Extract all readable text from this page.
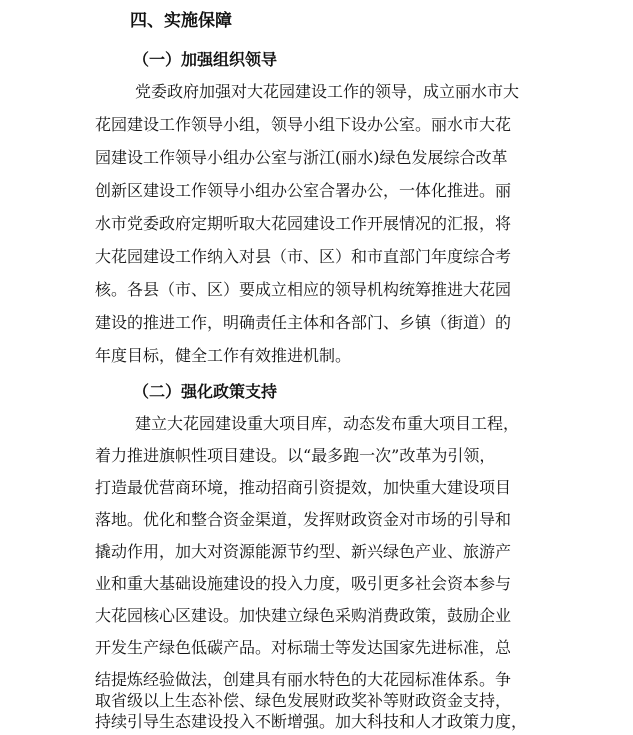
四、实施保障
（一）加强组织领导
党委政府加强对大花园建设工作的领导，成立丽水市大
花园建设工作领导小组，领导小组下设办公室。丽水市大花
园建设工作领导小组办公室与浙江(丽水)绿色发展综合改革
创新区建设工作领导小组办公室合署办公，一体化推进。丽
水市党委政府定期听取大花园建设工作开展情况的汇报，将
大花园建设工作纳入对县（市、区）和市直部门年度综合考
核。各县（市、区）要成立相应的领导机构统筹推进大花园
建设的推进工作，明确责任主体和各部门、乡镇（街道）的
年度目标，健全工作有效推进机制。
（二）强化政策支持
建立大花园建设重大项目库，动态发布重大项目工程，
着力推进旗帜性项目建设。以“最多跑一次”改革为引领，
打造最优营商环境，推动招商引资提效，加快重大建设项目
落地。优化和整合资金渠道，发挥财政资金对市场的引导和
撬动作用，加大对资源能源节约型、新兴绿色产业、旅游产
业和重大基础设施建设的投入力度，吸引更多社会资本参与
大花园核心区建设。加快建立绿色采购消费政策，鼓励企业
开发生产绿色低碳产品。对标瑞士等发达国家先进标准，总
结提炼经验做法，创建具有丽水特色的大花园标准体系。争
取省级以上生态补偿、绿色发展财政奖补等财政资金支持，
持续引导生态建设投入不断增强。加大科技和人才政策力度，
